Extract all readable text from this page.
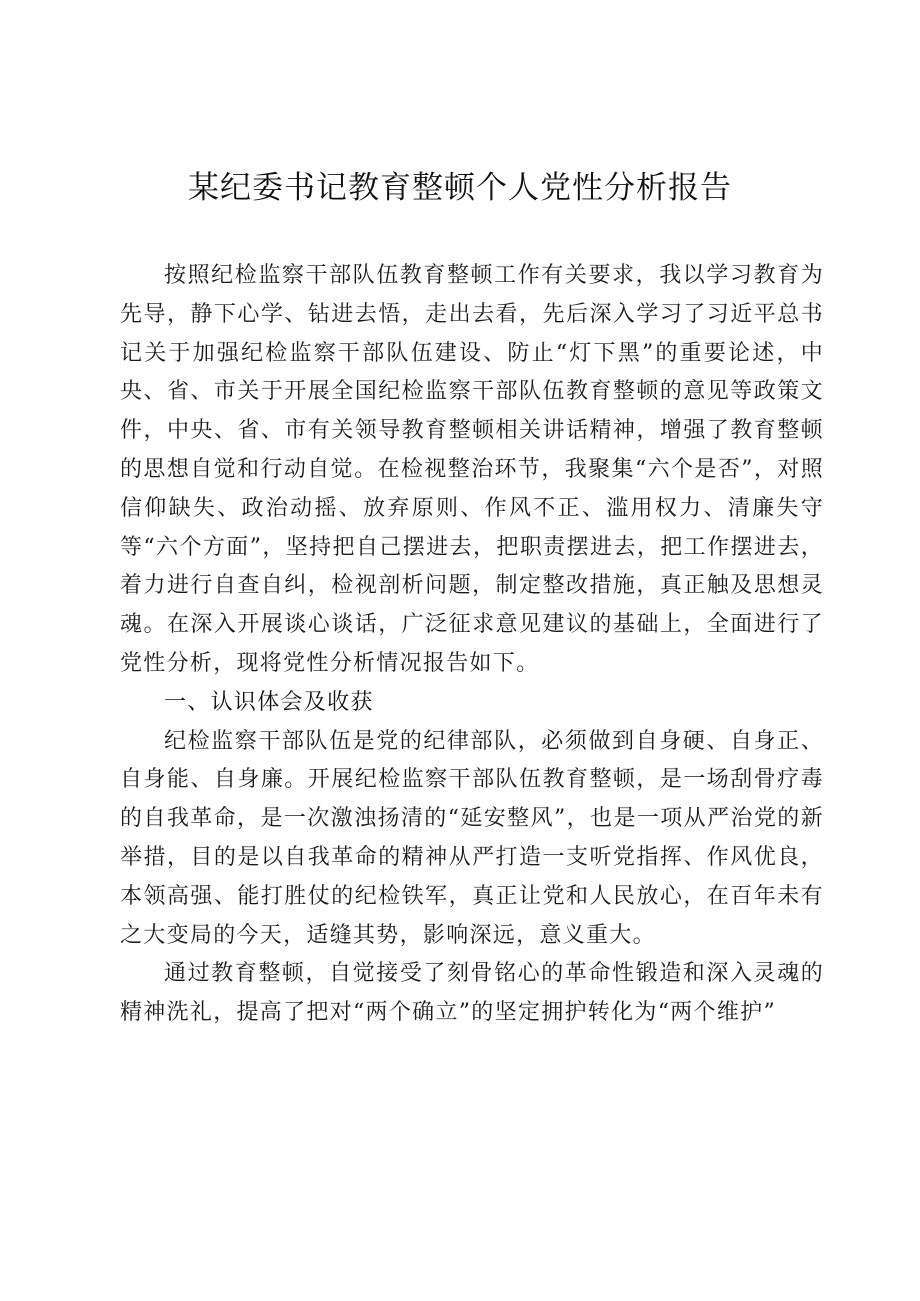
某纪委书记教育整顿个人党性分析报告

按照纪检监察干部队伍教育整顿工作有关要求，我以学习教育为先导，静下心学、钻进去悟，走出去看，先后深入学习了习近平总书记关于加强纪检监察干部队伍建设、防止“灯下黑”的重要论述，中央、省、市关于开展全国纪检监察干部队伍教育整顿的意见等政策文件，中央、省、市有关领导教育整顿相关讲话精神，增强了教育整顿的思想自觉和行动自觉。在检视整治环节，我聚集“六个是否”，对照信仰缺失、政治动摇、放弃原则、作风不正、滥用权力、清廉失守等“六个方面”，坚持把自己摆进去，把职责摆进去，把工作摆进去，着力进行自查自纠，检视剖析问题，制定整改措施，真正触及思想灵魂。在深入开展谈心谈话，广泛征求意见建议的基础上，全面进行了党性分析，现将党性分析情况报告如下。

一、认识体会及收获

纪检监察干部队伍是党的纪律部队，必须做到自身硬、自身正、自身能、自身廉。开展纪检监察干部队伍教育整顿，是一场刮骨疗毒的自我革命，是一次激浊扬清的“延安整风”，也是一项从严治党的新举措，目的是以自我革命的精神从严打造一支听党指挥、作风优良，本领高强、能打胜仗的纪检铁军，真正让党和人民放心，在百年未有之大变局的今天，适缝其势，影响深远，意义重大。

通过教育整顿，自觉接受了刻骨铭心的革命性锻造和深入灵魂的精神洗礼，提高了把对“两个确立”的坚定拥护转化为“两个维护”
